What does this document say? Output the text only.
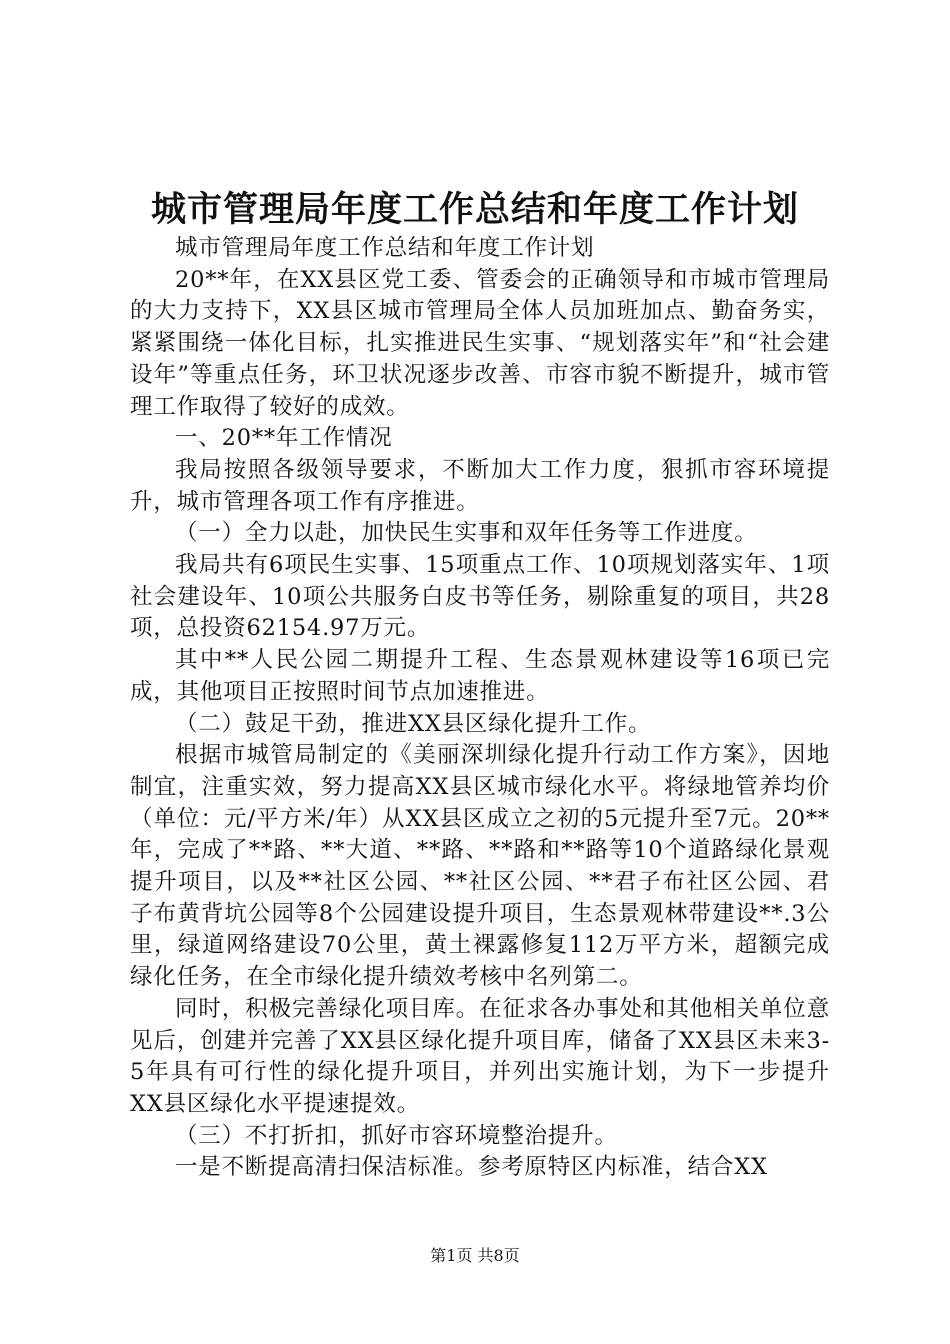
城市管理局年度工作总结和年度工作计划

城市管理局年度工作总结和年度工作计划

20**年，在XX县区党工委、管委会的正确领导和市城市管理局的大力支持下，XX县区城市管理局全体人员加班加点、勤奋务实，紧紧围绕一体化目标，扎实推进民生实事、“规划落实年”和“社会建设年”等重点任务，环卫状况逐步改善、市容市貌不断提升，城市管理工作取得了较好的成效。

一、20**年工作情况

我局按照各级领导要求，不断加大工作力度，狠抓市容环境提升，城市管理各项工作有序推进。

（一）全力以赴，加快民生实事和双年任务等工作进度。

我局共有6项民生实事、15项重点工作、10项规划落实年、1项社会建设年、10项公共服务白皮书等任务，剔除重复的项目，共28项，总投资62154.97万元。

其中**人民公园二期提升工程、生态景观林建设等16项已完成，其他项目正按照时间节点加速推进。

（二）鼓足干劲，推进XX县区绿化提升工作。

根据市城管局制定的《美丽深圳绿化提升行动工作方案》，因地制宜，注重实效，努力提高XX县区城市绿化水平。将绿地管养均价（单位：元/平方米/年）从XX县区成立之初的5元提升至7元。20**年，完成了**路、**大道、**路、**路和**路等10个道路绿化景观提升项目，以及**社区公园、**社区公园、**君子布社区公园、君子布黄背坑公园等8个公园建设提升项目，生态景观林带建设**.3公里，绿道网络建设70公里，黄土裸露修复112万平方米，超额完成绿化任务，在全市绿化提升绩效考核中名列第二。

同时，积极完善绿化项目库。在征求各办事处和其他相关单位意见后，创建并完善了XX县区绿化提升项目库，储备了XX县区未来3-5年具有可行性的绿化提升项目，并列出实施计划，为下一步提升XX县区绿化水平提速提效。

（三）不打折扣，抓好市容环境整治提升。

一是不断提高清扫保洁标准。参考原特区内标准，结合XX

第1页 共8页
